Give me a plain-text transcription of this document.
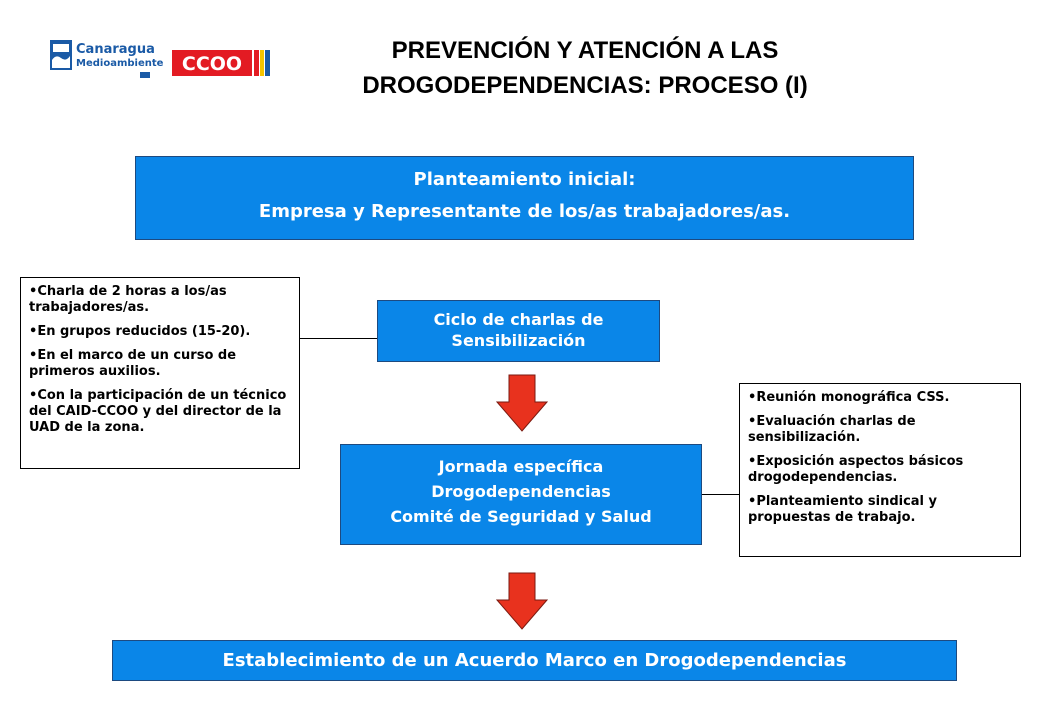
Canaragua
Medioambiente CCOO	PREVENCIÓN Y ATENCIÓN A LAS
DROGODEPENDENCIAS: PROCESO (I)
Planteamiento inicial:
Empresa y Representante de los/as trabajadores/as.
Ciclo de charlas de
Sensibilización
Jornada específica
Drogodependencias
Comité de Seguridad y Salud
Establecimiento de un Acuerdo Marco en Drogodependencias
• Charla de 2 horas a los/as trabajadores/as.
• En grupos reducidos (15-20).
• En el marco de un curso de primeros auxilios.
• Con la participación de un técnico del CAID-CCOO y del director de la UAD de la zona.
• Reunión monográfica CSS.
• Evaluación charlas de sensibilización.
• Exposición aspectos básicos drogodependencias.
• Planteamiento sindical y propuestas de trabajo.
